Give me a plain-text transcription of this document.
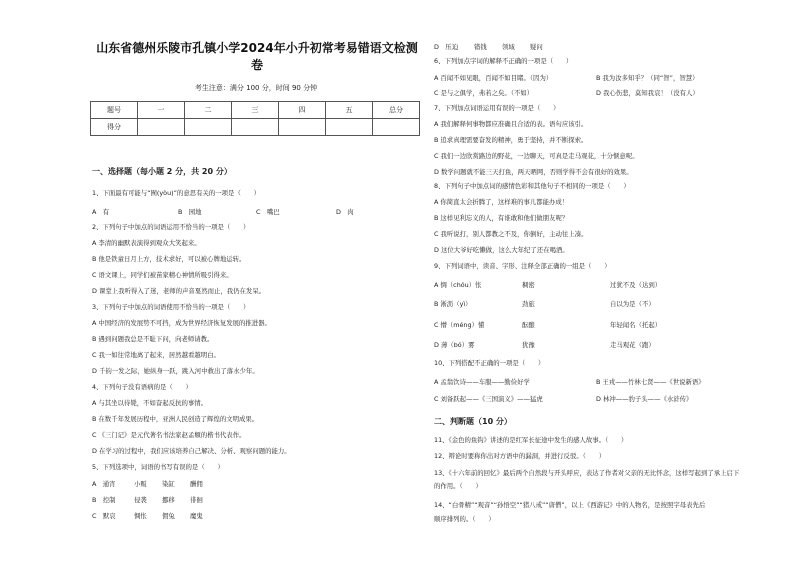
山东省德州乐陵市孔镇小学2024年小升初常考易错语文检测
卷
考生注意：满分 100 分，时间 90 分钟
题号	一	二	三	四	五	总分
得分						
一、选择题（每小题 2 分，共 20 分）
1、下面最有可能与“囿(yòu)”的意思有关的一项是（　　）
A　有	B　园地	C　嘴巴	D　肉
2、下列句子中加点的词语运用不恰当的一项是（　　）
A 李清的幽默表演得到观众大笑起来。
B 他是铁童日月上方，技术求好，可以被心牌地运转。
C 语文课上，同学们被苗家精心神情所吸引得来。
D 课堂上我听得入了迷，老师的声音戛然而止，我仍在发呆。
3、下列句子中加点的词语使用不恰当的一项是（　　）
A 中国经济的发展势不可挡，成为世界经济恢复发展的推进器。
B 遇到问题我总是不耻下问，向老师请教。
C 我一如往常地离了起来，居然越看越明白。
D 千钧一发之际，她纵身一跃，跳入河中救出了落水少年。
4、下列句子没有语病的是（　　）
A 与其坐以待毙，不如奋起反抗的事情。
B 在数千年发展历程中，亚洲人民创造了辉煌的文明成果。
C 《三门记》是元代著名书法家赵孟頫的楷书代表作。
D 在学习的过程中，我们应该培养自己解决、分析、观察问题的能力。
5、下列选项中，词语的书写有误的是（　　）
A　通宵	小贩 染缸 酬佣
B　控制	侵袭 挪移 徘徊
C　默哀	惆怅 佣兔 魔鬼
D　压迫 错钱 领域 疑问
6、下列加点字词的解释不正确的一项是（　　）
A 百闻不如见眼，百闻不如目睹。（因为）	B 我为汝多知乎？（同“智”，智慧）
C 是与之俱学，弗若之矣。（不如）	D 我心伤悲，莫知我哀！（没有人）
7、下列加点词语运用有误的一项是（　　）
A 我们解释何事物都应准确且合适的表。语句应该引。
B 追求真理需要奋发的精神，勇于坚持，并不断探索。
C 我们一边欣赏路边的野花，一边聊天，可真是走马观花，十分惬意呢。
D 数学问题就不能三天打鱼，两天晒网，否则学得不会有很好的效果。
8、下列句子中加点词的感情色彩和其他句子不相同的一项是（　　）
A 你简直太会折腾了，这样难的事儿都能办成！
B 这样见利忘义的人，有谁敢和他们做朋友呢？
C 我听说打，别人都教之不及，你倒好，主动往上凑。
D 这位大爷好吃懒做，这么大年纪了还在喝酒。
9、下列词语中，读音、字形、注释全部正确的一组是（　　）
A 惆（chóu）怅	稠密	过犹不及（达到）
B 淅沥（yì）	劲旅	自以为是（不）
C 懵（méng）懂	酝酿	年轻闻名（托起）
D 薄（bó）雾	犹豫	走马观花（跑）
10、下列搭配不正确的一项是（　　）
A 孟翁饮诗——车服——勤俭好学	B 王戎——竹林七贤——《世说新语》
C 刘备跃起——《三国演义》——猛虎	D 林冲——豹子头——《水浒传》
二、判断题（10 分）
11、《金色的鱼钩》讲述的是红军长征途中发生的感人故事。（　　）
12、辩论时要称你出对方语中的漏洞，并进行反驳。（　　）
13、《十六年前的回忆》最后两个自然段与开头呼应，表达了作者对父亲的无比怀念，这样写起到了承上启下
的作用。（　　）
14、“白骨精”“观音”“孙悟空”“猪八戒”“唐僧”，以上《西游记》中的人物名，是按照字母表先后
顺序排列的。（　　）
